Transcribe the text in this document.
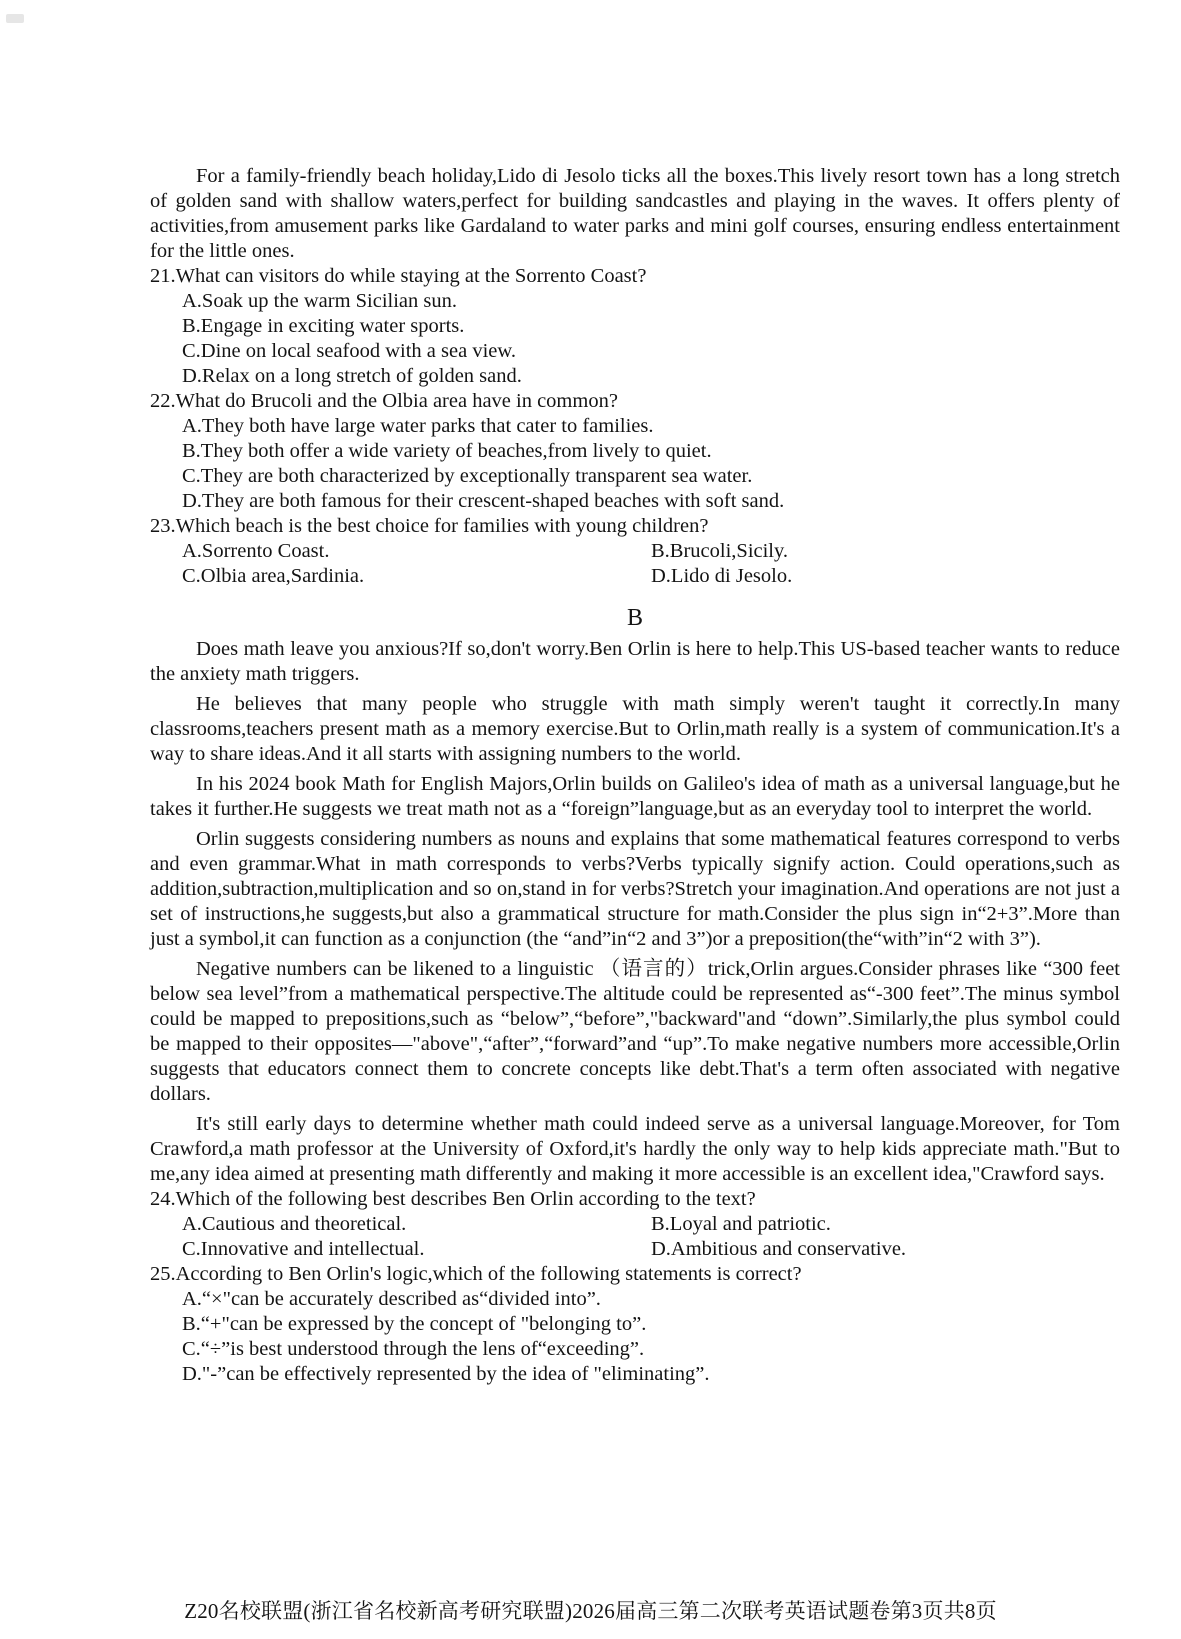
For a family-friendly beach holiday,Lido di Jesolo ticks all the boxes.This lively resort town has a long stretch of golden sand with shallow waters,perfect for building sandcastles and playing in the waves. It offers plenty of activities,from amusement parks like Gardaland to water parks and mini golf courses, ensuring endless entertainment for the little ones.

21.What can visitors do while staying at the Sorrento Coast?

A.Soak up the warm Sicilian sun.

B.Engage in exciting water sports.

C.Dine on local seafood with a sea view.

D.Relax on a long stretch of golden sand.

22.What do Brucoli and the Olbia area have in common?

A.They both have large water parks that cater to families.

B.They both offer a wide variety of beaches,from lively to quiet.

C.They are both characterized by exceptionally transparent sea water.

D.They are both famous for their crescent-shaped beaches with soft sand.

23.Which beach is the best choice for families with young children?

A.Sorrento Coast.	B.Brucoli,Sicily.
C.Olbia area,Sardinia.	D.Lido di Jesolo.
B

Does math leave you anxious?If so,don't worry.Ben Orlin is here to help.This US-based teacher wants to reduce the anxiety math triggers.

He believes that many people who struggle with math simply weren't taught it correctly.In many classrooms,teachers present math as a memory exercise.But to Orlin,math really is a system of communication.It's a way to share ideas.And it all starts with assigning numbers to the world.

In his 2024 book Math for English Majors,Orlin builds on Galileo's idea of math as a universal language,but he takes it further.He suggests we treat math not as a “foreign”language,but as an everyday tool to interpret the world.

Orlin suggests considering numbers as nouns and explains that some mathematical features correspond to verbs and even grammar.What in math corresponds to verbs?Verbs typically signify action. Could operations,such as addition,subtraction,multiplication and so on,stand in for verbs?Stretch your imagination.And operations are not just a set of instructions,he suggests,but also a grammatical structure for math.Consider the plus sign in“2+3”.More than just a symbol,it can function as a conjunction (the “and”in“2 and 3”)or a preposition(the“with”in“2 with 3”).

Negative numbers can be likened to a linguistic （语言的）trick,Orlin argues.Consider phrases like “300 feet below sea level”from a mathematical perspective.The altitude could be represented as“-300 feet”.The minus symbol could be mapped to prepositions,such as “below”,“before”,"backward"and “down”.Similarly,the plus symbol could be mapped to their opposites—"above",“after”,“forward”and “up”.To make negative numbers more accessible,Orlin suggests that educators connect them to concrete concepts like debt.That's a term often associated with negative dollars.

It's still early days to determine whether math could indeed serve as a universal language.Moreover, for Tom Crawford,a math professor at the University of Oxford,it's hardly the only way to help kids appreciate math."But to me,any idea aimed at presenting math differently and making it more accessible is an excellent idea,"Crawford says.

24.Which of the following best describes Ben Orlin according to the text?

A.Cautious and theoretical.	B.Loyal and patriotic.
C.Innovative and intellectual.	D.Ambitious and conservative.

25.According to Ben Orlin's logic,which of the following statements is correct?

A.“×"can be accurately described as“divided into”.

B.“+"can be expressed by the concept of "belonging to”.

C.“÷”is best understood through the lens of“exceeding”.

D."-”can be effectively represented by the idea of "eliminating”.

Z20名校联盟(浙江省名校新高考研究联盟)2026届高三第二次联考英语试题卷第3页共8页
